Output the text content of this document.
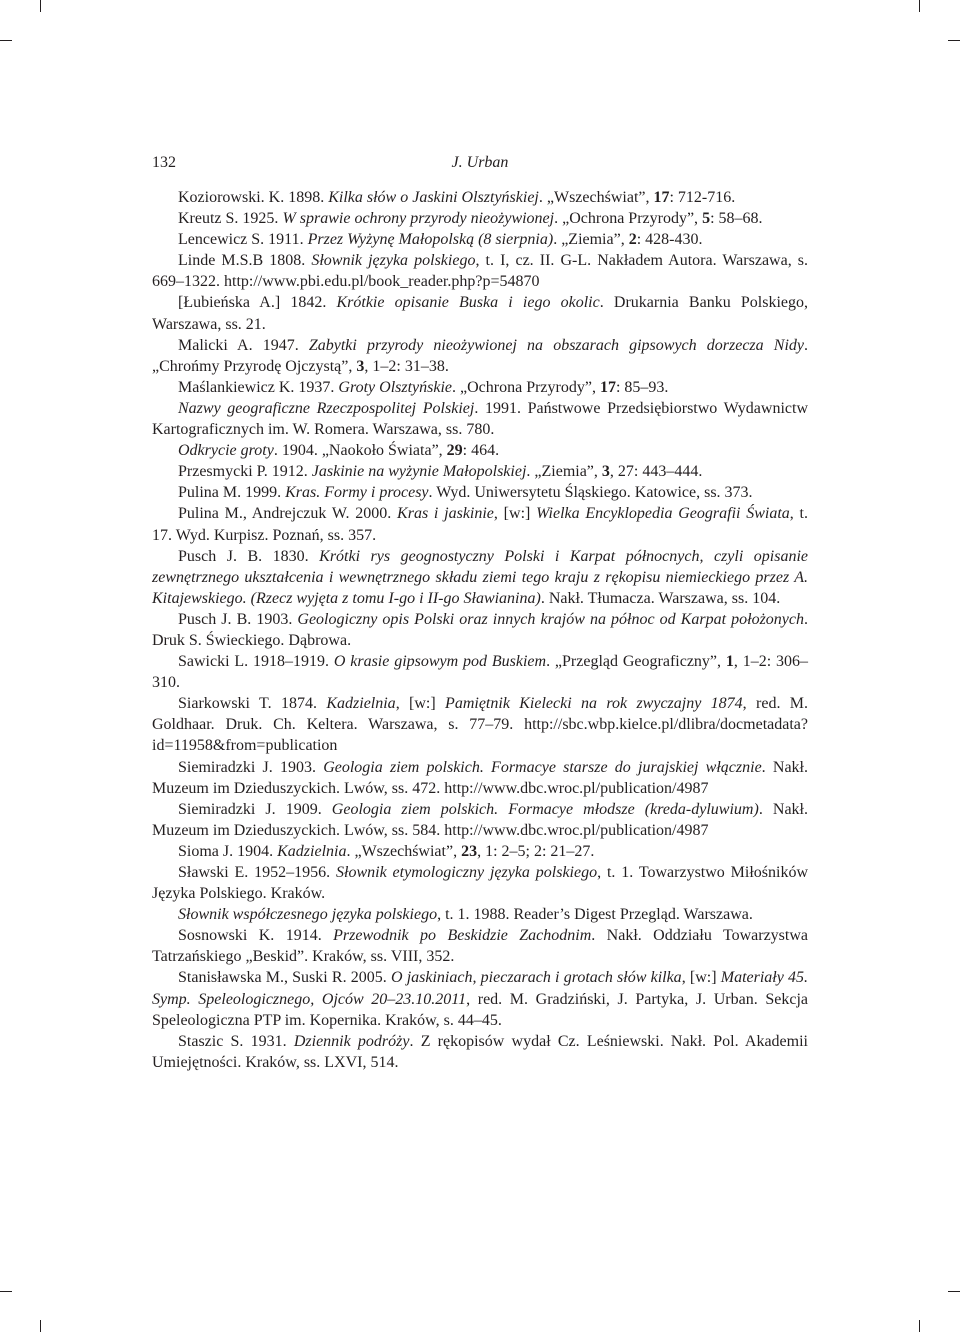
132	J. Urban

Koziorowski. K. 1898. Kilka słów o Jaskini Olsztyńskiej. „Wszechświat”, 17: 712-716.

Kreutz S. 1925. W sprawie ochrony przyrody nieożywionej. „Ochrona Przyrody”, 5: 58–68.

Lencewicz S. 1911. Przez Wyżynę Małopolską (8 sierpnia). „Ziemia”, 2: 428-430.

Linde M.S.B 1808. Słownik języka polskiego, t. I, cz. II. G-L. Nakładem Autora. Warszawa, s. 669–1322. http://www.pbi.edu.pl/book_reader.php?p=54870

[Łubieńska A.] 1842. Krótkie opisanie Buska i iego okolic. Drukarnia Banku Polskiego, Warszawa, ss. 21.

Malicki A. 1947. Zabytki przyrody nieożywionej na obszarach gipsowych dorzecza Nidy. „Chrońmy Przyrodę Ojczystą”, 3, 1–2: 31–38.

Maślankiewicz K. 1937. Groty Olsztyńskie. „Ochrona Przyrody”, 17: 85–93.

Nazwy geograficzne Rzeczpospolitej Polskiej. 1991. Państwowe Przedsiębiorstwo Wydawnictw Kartograficznych im. W. Romera. Warszawa, ss. 780.

Odkrycie groty. 1904. „Naokoło Świata”, 29: 464.

Przesmycki P. 1912. Jaskinie na wyżynie Małopolskiej. „Ziemia”, 3, 27: 443–444.

Pulina M. 1999. Kras. Formy i procesy. Wyd. Uniwersytetu Śląskiego. Katowice, ss. 373.

Pulina M., Andrejczuk W. 2000. Kras i jaskinie, [w:] Wielka Encyklopedia Geografii Świata, t. 17. Wyd. Kurpisz. Poznań, ss. 357.

Pusch J. B. 1830. Krótki rys geognostyczny Polski i Karpat północnych, czyli opisanie zewnętrznego ukształcenia i wewnętrznego składu ziemi tego kraju z rękopisu niemieckiego przez A. Kitajewskiego. (Rzecz wyjęta z tomu I-go i II-go Sławianina). Nakł. Tłumacza. Warszawa, ss. 104.

Pusch J. B. 1903. Geologiczny opis Polski oraz innych krajów na północ od Karpat położonych. Druk S. Świeckiego. Dąbrowa.

Sawicki L. 1918–1919. O krasie gipsowym pod Buskiem. „Przegląd Geograficzny”, 1, 1–2: 306–310.

Siarkowski T. 1874. Kadzielnia, [w:] Pamiętnik Kielecki na rok zwyczajny 1874, red. M. Goldhaar. Druk. Ch. Keltera. Warszawa, s. 77–79. http://sbc.wbp.kielce.pl/dlibra/docmetadata?id=11958&from=publication

Siemiradzki J. 1903. Geologia ziem polskich. Formacye starsze do jurajskiej włącznie. Nakł. Muzeum im Dzieduszyckich. Lwów, ss. 472. http://www.dbc.wroc.pl/publication/4987

Siemiradzki J. 1909. Geologia ziem polskich. Formacye młodsze (kreda-dyluwium). Nakł. Muzeum im Dzieduszyckich. Lwów, ss. 584. http://www.dbc.wroc.pl/publication/4987

Sioma J. 1904. Kadzielnia. „Wszechświat”, 23, 1: 2–5; 2: 21–27.

Sławski E. 1952–1956. Słownik etymologiczny języka polskiego, t. 1. Towarzystwo Miłośników Języka Polskiego. Kraków.

Słownik współczesnego języka polskiego, t. 1. 1988. Reader’s Digest Przegląd. Warszawa.

Sosnowski K. 1914. Przewodnik po Beskidzie Zachodnim. Nakł. Oddziału Towarzystwa Tatrzańskiego „Beskid”. Kraków, ss. VIII, 352.

Stanisławska M., Suski R. 2005. O jaskiniach, pieczarach i grotach słów kilka, [w:] Materiały 45. Symp. Speleologicznego, Ojców 20–23.10.2011, red. M. Gradziński, J. Partyka, J. Urban. Sekcja Speleologiczna PTP im. Kopernika. Kraków, s. 44–45.

Staszic S. 1931. Dziennik podróży. Z rękopisów wydał Cz. Leśniewski. Nakł. Pol. Akademii Umiejętności. Kraków, ss. LXVI, 514.
